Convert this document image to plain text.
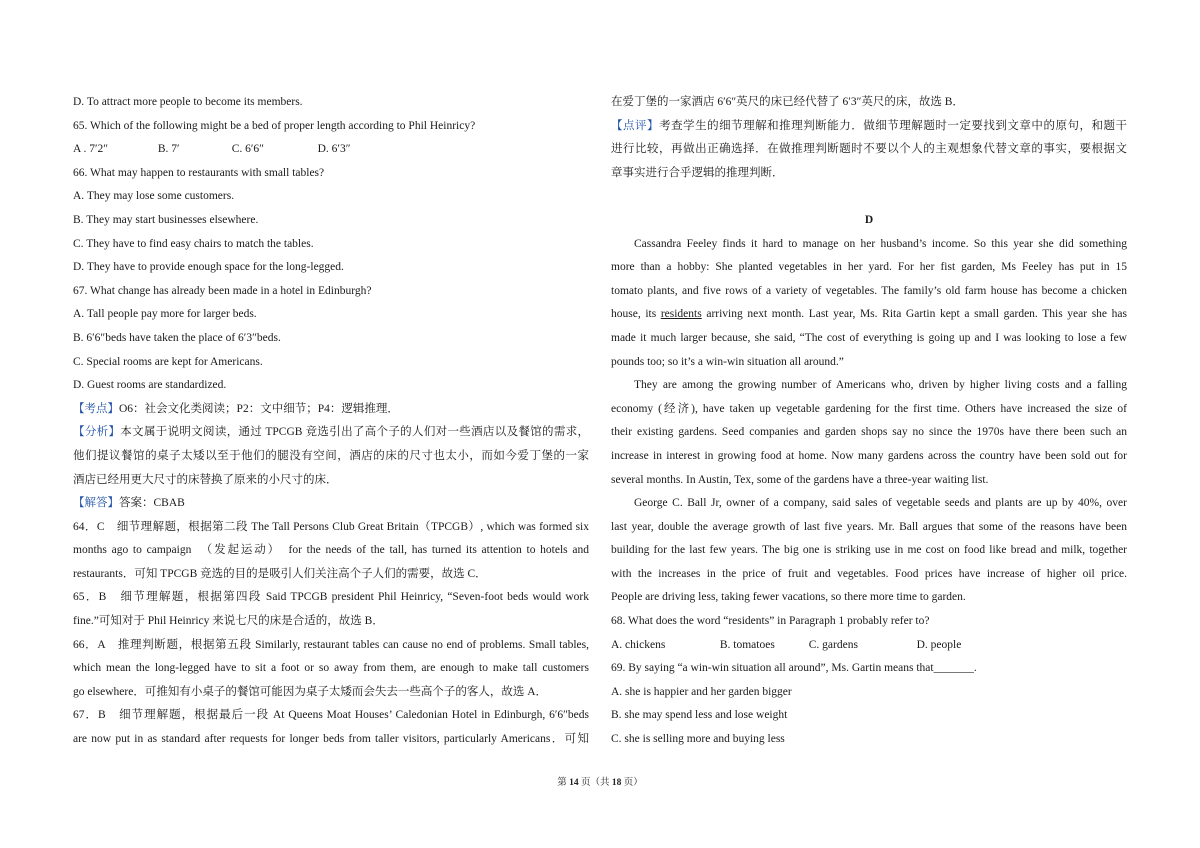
D. To attract more people to become its members.
65. Which of the following might be a bed of proper length according to Phil Heinricy?
A . 7′2″	B. 7′	C. 6′6″	D. 6′3″
66. What may happen to restaurants with small tables?
A. They may lose some customers.
B. They may start businesses elsewhere.
C. They have to find easy chairs to match the tables.
D. They have to provide enough space for the long-legged.
67. What change has already been made in a hotel in Edinburgh?
A. Tall people pay more for larger beds.
B. 6′6″beds have taken the place of 6′3″beds.
C. Special rooms are kept for Americans.
D. Guest rooms are standardized.
【考点】O6：社会文化类阅读；P2：文中细节；P4：逻辑推理．
【分析】本文属于说明文阅读，通过 TPCGB 竞选引出了高个子的人们对一些酒店以及餐馆的需求，
他们提议餐馆的桌子太矮以至于他们的腿没有空间，酒店的床的尺寸也太小，而如今爱丁堡的一家
酒店已经用更大尺寸的床替换了原来的小尺寸的床．
【解答】答案：CBAB
64．C　细节理解题，根据第二段 The Tall Persons Club Great Britain（TPCGB）, which was formed six
months ago to campaign　（发起运动）　for the needs of the tall, has turned its attention to hotels and
restaurants．可知 TPCGB 竞选的目的是吸引人们关注高个子人们的需要，故选 C．
65．B　细节理解题，根据第四段 Said TPCGB president Phil Heinricy, “Seven-foot beds would work
fine.”可知对于 Phil Heinricy 来说七尺的床是合适的，故选 B．
66．A　推理判断题，根据第五段 Similarly, restaurant tables can cause no end of problems. Small tables,
which mean the long-legged have to sit a foot or so away from them, are enough to make tall customers
go elsewhere．可推知有小桌子的餐馆可能因为桌子太矮而会失去一些高个子的客人，故选 A．
67．B　细节理解题，根据最后一段 At Queens Moat Houses’ Caledonian Hotel in Edinburgh, 6′6″beds
are now put in as standard after requests for longer beds from taller visitors, particularly Americans．可知
在爱丁堡的一家酒店 6′6″英尺的床已经代替了 6′3″英尺的床，故选 B．
【点评】考查学生的细节理解和推理判断能力．做细节理解题时一定要找到文章中的原句，和题干
进行比较，再做出正确选择．在做推理判断题时不要以个人的主观想象代替文章的事实，要根据文
章事实进行合乎逻辑的推理判断．
D
Cassandra Feeley finds it hard to manage on her husband’s income. So this year she did something
more than a hobby: She planted vegetables in her yard. For her fist garden, Ms Feeley has put in 15
tomato plants, and five rows of a variety of vegetables. The family’s old farm house has become a chicken
house, its residents arriving next month. Last year, Ms. Rita Gartin kept a small garden. This year she has
made it much larger because, she said, “The cost of everything is going up and I was looking to lose a few
pounds too; so it’s a win-win situation all around.”
They are among the growing number of Americans who, driven by higher living costs and a falling
economy (经济), have taken up vegetable gardening for the first time. Others have increased the size of
their existing gardens. Seed companies and garden shops say no since the 1970s have there been such an
increase in interest in growing food at home. Now many gardens across the country have been sold out for
several months. In Austin, Tex, some of the gardens have a three-year waiting list.
George C. Ball Jr, owner of a company, said sales of vegetable seeds and plants are up by 40%, over
last year, double the average growth of last five years. Mr. Ball argues that some of the reasons have been
building for the last few years. The big one is striking use in me cost on food like bread and milk, together
with the increases in the price of fruit and vegetables. Food prices have increase of higher oil price.
People are driving less, taking fewer vacations, so there more time to garden.
68. What does the word “residents” in Paragraph 1 probably refer to?
A. chickens	B. tomatoes	C. gardens	D. people
69. By saying “a win-win situation all around”, Ms. Gartin means that_______.
A. she is happier and her garden bigger
B. she may spend less and lose weight
C. she is selling more and buying less
第 14 页（共 18 页）
